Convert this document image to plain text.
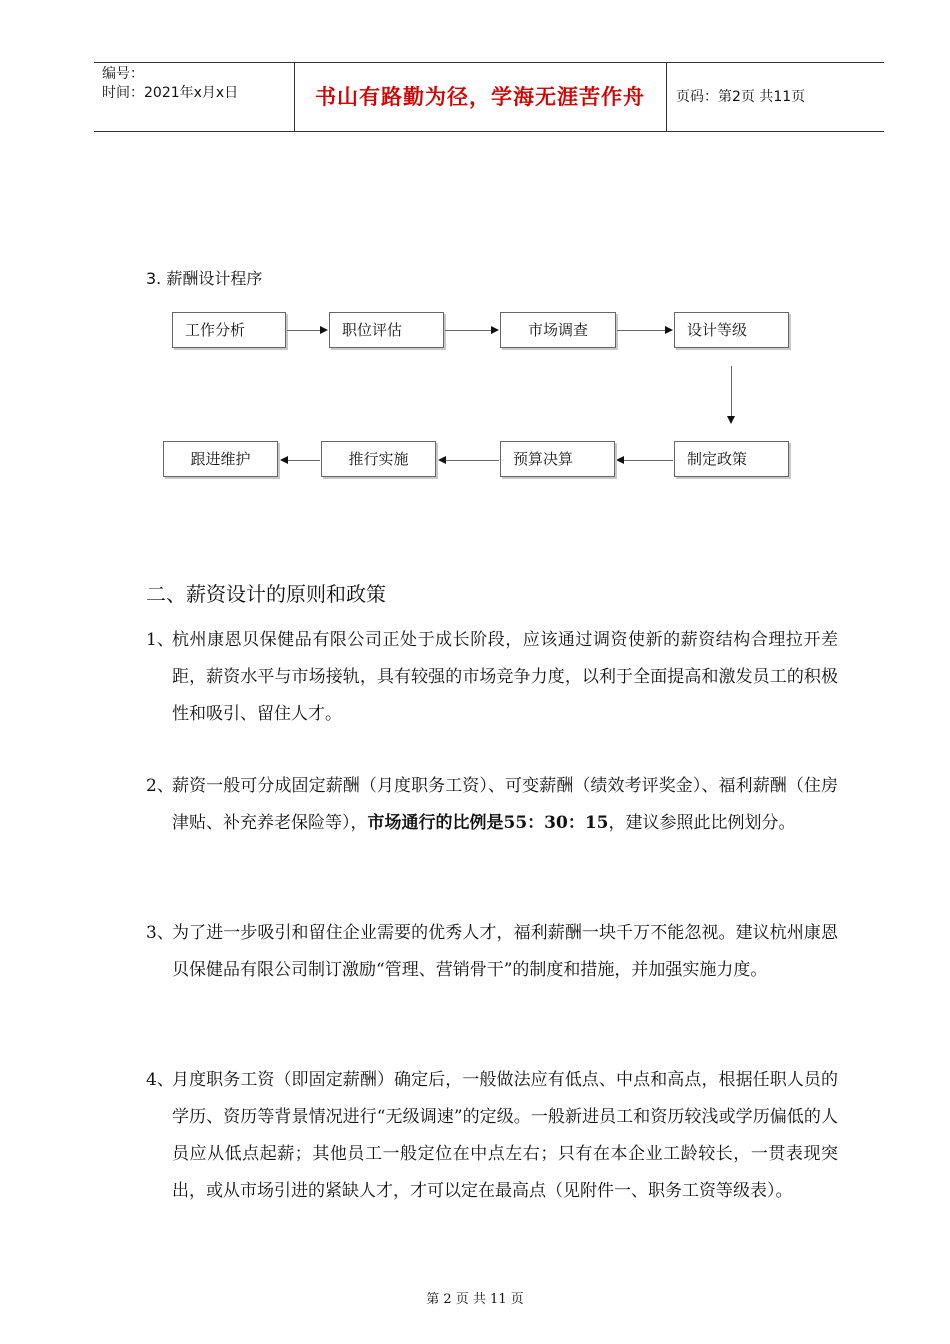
编号：
时间：2021年x月x日	书山有路勤为径，学海无涯苦作舟	页码：第2页 共11页
3. 薪酬设计程序
工作分析	职位评估	市场调查	设计等级
制定政策
预算决算
推行实施
跟进维护
二、薪资设计的原则和政策
1、
杭州康恩贝保健品有限公司正处于成长阶段，应该通过调资使新的薪资结构合理拉开差距，薪资水平与市场接轨，具有较强的市场竞争力度，以利于全面提高和激发员工的积极性和吸引、留住人才。
2、
薪资一般可分成固定薪酬（月度职务工资）、可变薪酬（绩效考评奖金）、福利薪酬（住房津贴、补充养老保险等），市场通行的比例是55：30：15，建议参照此比例划分。
3、
为了进一步吸引和留住企业需要的优秀人才，福利薪酬一块千万不能忽视。建议杭州康恩贝保健品有限公司制订激励“管理、营销骨干”的制度和措施，并加强实施力度。
4、
月度职务工资（即固定薪酬）确定后，一般做法应有低点、中点和高点，根据任职人员的学历、资历等背景情况进行“无级调速”的定级。一般新进员工和资历较浅或学历偏低的人员应从低点起薪；其他员工一般定位在中点左右；只有在本企业工龄较长，一贯表现突出，或从市场引进的紧缺人才，才可以定在最高点（见附件一、职务工资等级表）。
第 2 页 共 11 页
